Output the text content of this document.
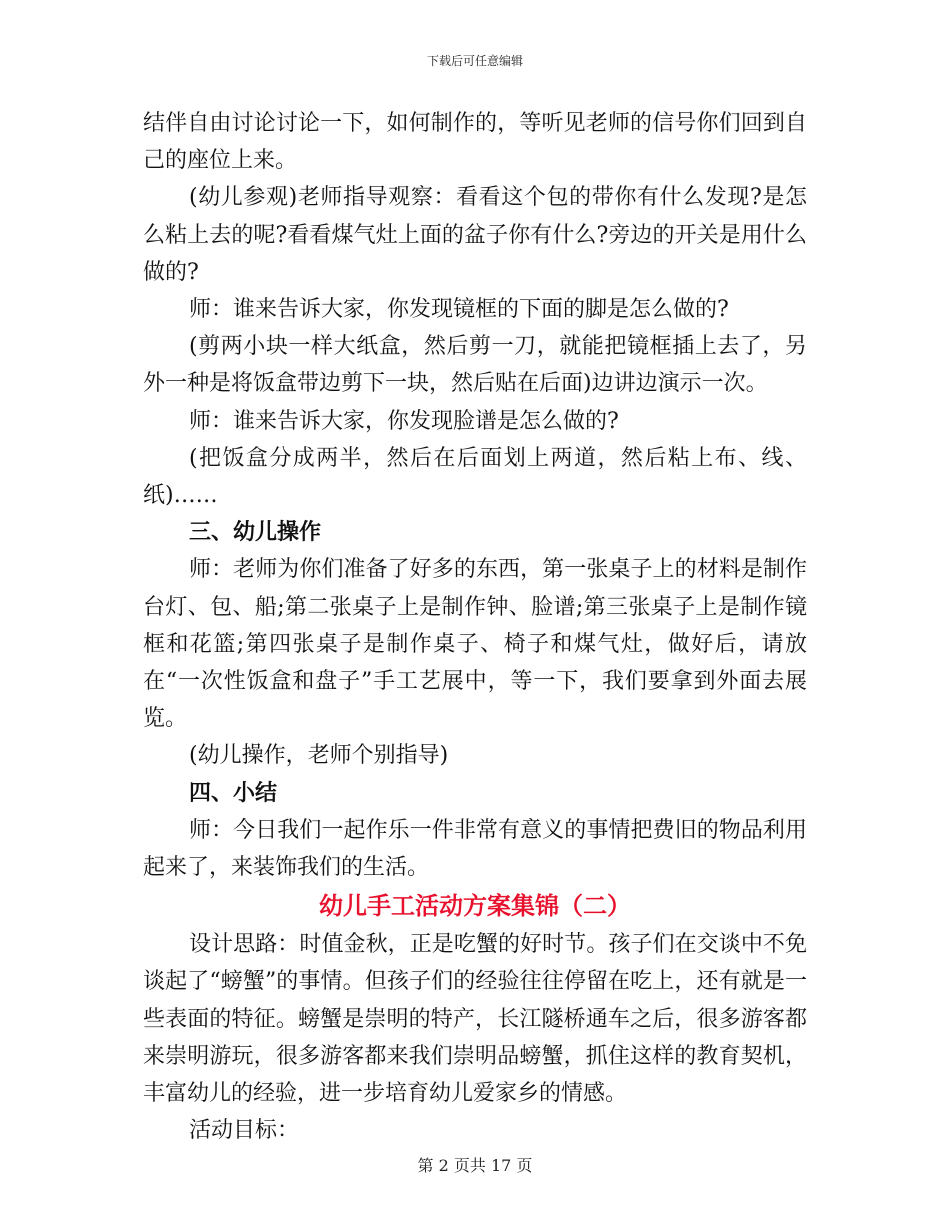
下载后可任意编辑

结伴自由讨论讨论一下，如何制作的，等听见老师的信号你们回到自己的座位上来。

(幼儿参观)老师指导观察：看看这个包的带你有什么发现?是怎么粘上去的呢?看看煤气灶上面的盆子你有什么?旁边的开关是用什么做的?

师：谁来告诉大家，你发现镜框的下面的脚是怎么做的?

(剪两小块一样大纸盒，然后剪一刀，就能把镜框插上去了，另外一种是将饭盒带边剪下一块，然后贴在后面)边讲边演示一次。

师：谁来告诉大家，你发现脸谱是怎么做的?

(把饭盒分成两半，然后在后面划上两道，然后粘上布、线、纸)……

三、幼儿操作

师：老师为你们准备了好多的东西，第一张桌子上的材料是制作台灯、包、船;第二张桌子上是制作钟、脸谱;第三张桌子上是制作镜框和花篮;第四张桌子是制作桌子、椅子和煤气灶，做好后，请放在“一次性饭盒和盘子”手工艺展中，等一下，我们要拿到外面去展览。

(幼儿操作，老师个别指导)

四、小结

师：今日我们一起作乐一件非常有意义的事情把费旧的物品利用起来了，来装饰我们的生活。

幼儿手工活动方案集锦（二）

设计思路：时值金秋，正是吃蟹的好时节。孩子们在交谈中不免谈起了“螃蟹”的事情。但孩子们的经验往往停留在吃上，还有就是一些表面的特征。螃蟹是崇明的特产，长江隧桥通车之后，很多游客都来崇明游玩，很多游客都来我们崇明品螃蟹，抓住这样的教育契机，丰富幼儿的经验，进一步培育幼儿爱家乡的情感。

活动目标：

第 2 页共 17 页
